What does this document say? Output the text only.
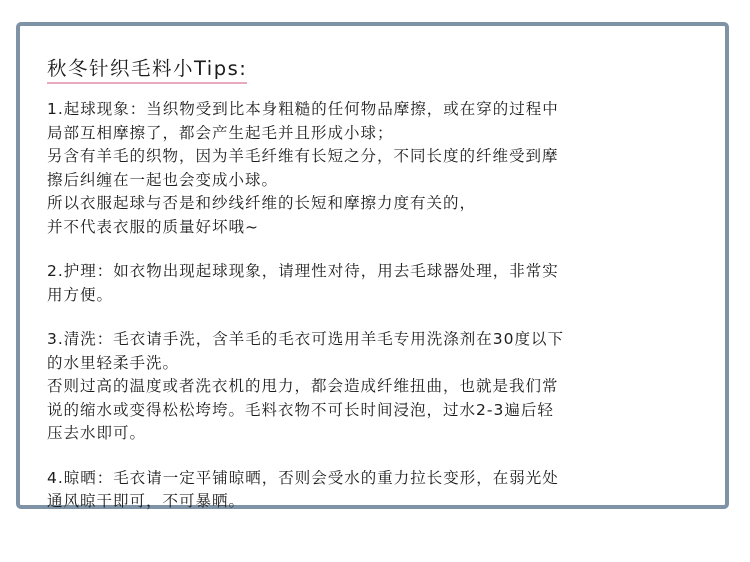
秋冬针织毛料小Tips:
1.起球现象：当织物受到比本身粗糙的任何物品摩擦，或在穿的过程中
局部互相摩擦了，都会产生起毛并且形成小球；
另含有羊毛的织物，因为羊毛纤维有长短之分，不同长度的纤维受到摩
擦后纠缠在一起也会变成小球。
所以衣服起球与否是和纱线纤维的长短和摩擦力度有关的，
并不代表衣服的质量好坏哦~
2.护理：如衣物出现起球现象，请理性对待，用去毛球器处理，非常实
用方便。
3.清洗：毛衣请手洗，含羊毛的毛衣可选用羊毛专用洗涤剂在30度以下
的水里轻柔手洗。
否则过高的温度或者洗衣机的甩力，都会造成纤维扭曲，也就是我们常
说的缩水或变得松松垮垮。毛料衣物不可长时间浸泡，过水2-3遍后轻
压去水即可。
4.晾晒：毛衣请一定平铺晾晒，否则会受水的重力拉长变形，在弱光处
通风晾干即可，不可暴晒。
